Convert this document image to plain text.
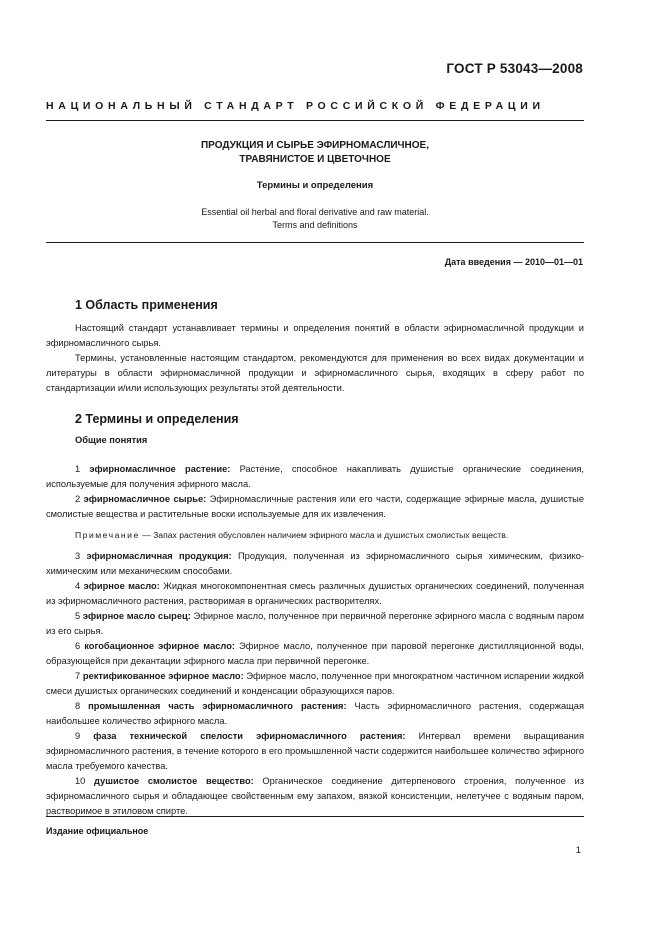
ГОСТ Р 53043—2008
НАЦИОНАЛЬНЫЙ СТАНДАРТ РОССИЙСКОЙ ФЕДЕРАЦИИ
ПРОДУКЦИЯ И СЫРЬЕ ЭФИРНОМАСЛИЧНОЕ,
ТРАВЯНИСТОЕ И ЦВЕТОЧНОЕ
Термины и определения
Essential oil herbal and floral derivative and raw material.
Terms and definitions
Дата введения — 2010—01—01
1 Область применения

Настоящий стандарт устанавливает термины и определения понятий в области эфирномасличной продукции и эфирномасличного сырья.

Термины, установленные настоящим стандартом, рекомендуются для применения во всех видах документации и литературы в области эфирномасличной продукции и эфирномасличного сырья, входящих в сферу работ по стандартизации и/или использующих результаты этой деятельности.

2 Термины и определения
Общие понятия

1 эфирномасличное растение: Растение, способное накапливать душистые органические соединения, используемые для получения эфирного масла.

2 эфирномасличное сырье: Эфирномасличные растения или его части, содержащие эфирные масла, душистые смолистые вещества и растительные воски используемые для их извлечения.

Примечание — Запах растения обусловлен наличием эфирного масла и душистых смолистых веществ.

3 эфирномасличная продукция: Продукция, полученная из эфирномасличного сырья химическим, физико-химическим или механическим способами.

4 эфирное масло: Жидкая многокомпонентная смесь различных душистых органических соединений, полученная из эфирномасличного растения, растворимая в органических растворителях.

5 эфирное масло сырец: Эфирное масло, полученное при первичной перегонке эфирного масла с водяным паром из его сырья.

6 когобационное эфирное масло: Эфирное масло, полученное при паровой перегонке дистилляционной воды, образующейся при декантации эфирного масла при первичной перегонке.

7 ректификованное эфирное масло: Эфирное масло, полученное при многократном частичном испарении жидкой смеси душистых органических соединений и конденсации образующихся паров.

8 промышленная часть эфирномасличного растения: Часть эфирномасличного растения, содержащая наибольшее количество эфирного масла.

9 фаза технической спелости эфирномасличного растения: Интервал времени выращивания эфирномасличного растения, в течение которого в его промышленной части содержится наибольшее количество эфирного масла требуемого качества.

10 душистое смолистое вещество: Органическое соединение дитерпенового строения, полученное из эфирномасличного сырья и обладающее свойственным ему запахом, вязкой консистенции, нелетучее с водяным паром, растворимое в этиловом спирте.

Издание официальное
1
